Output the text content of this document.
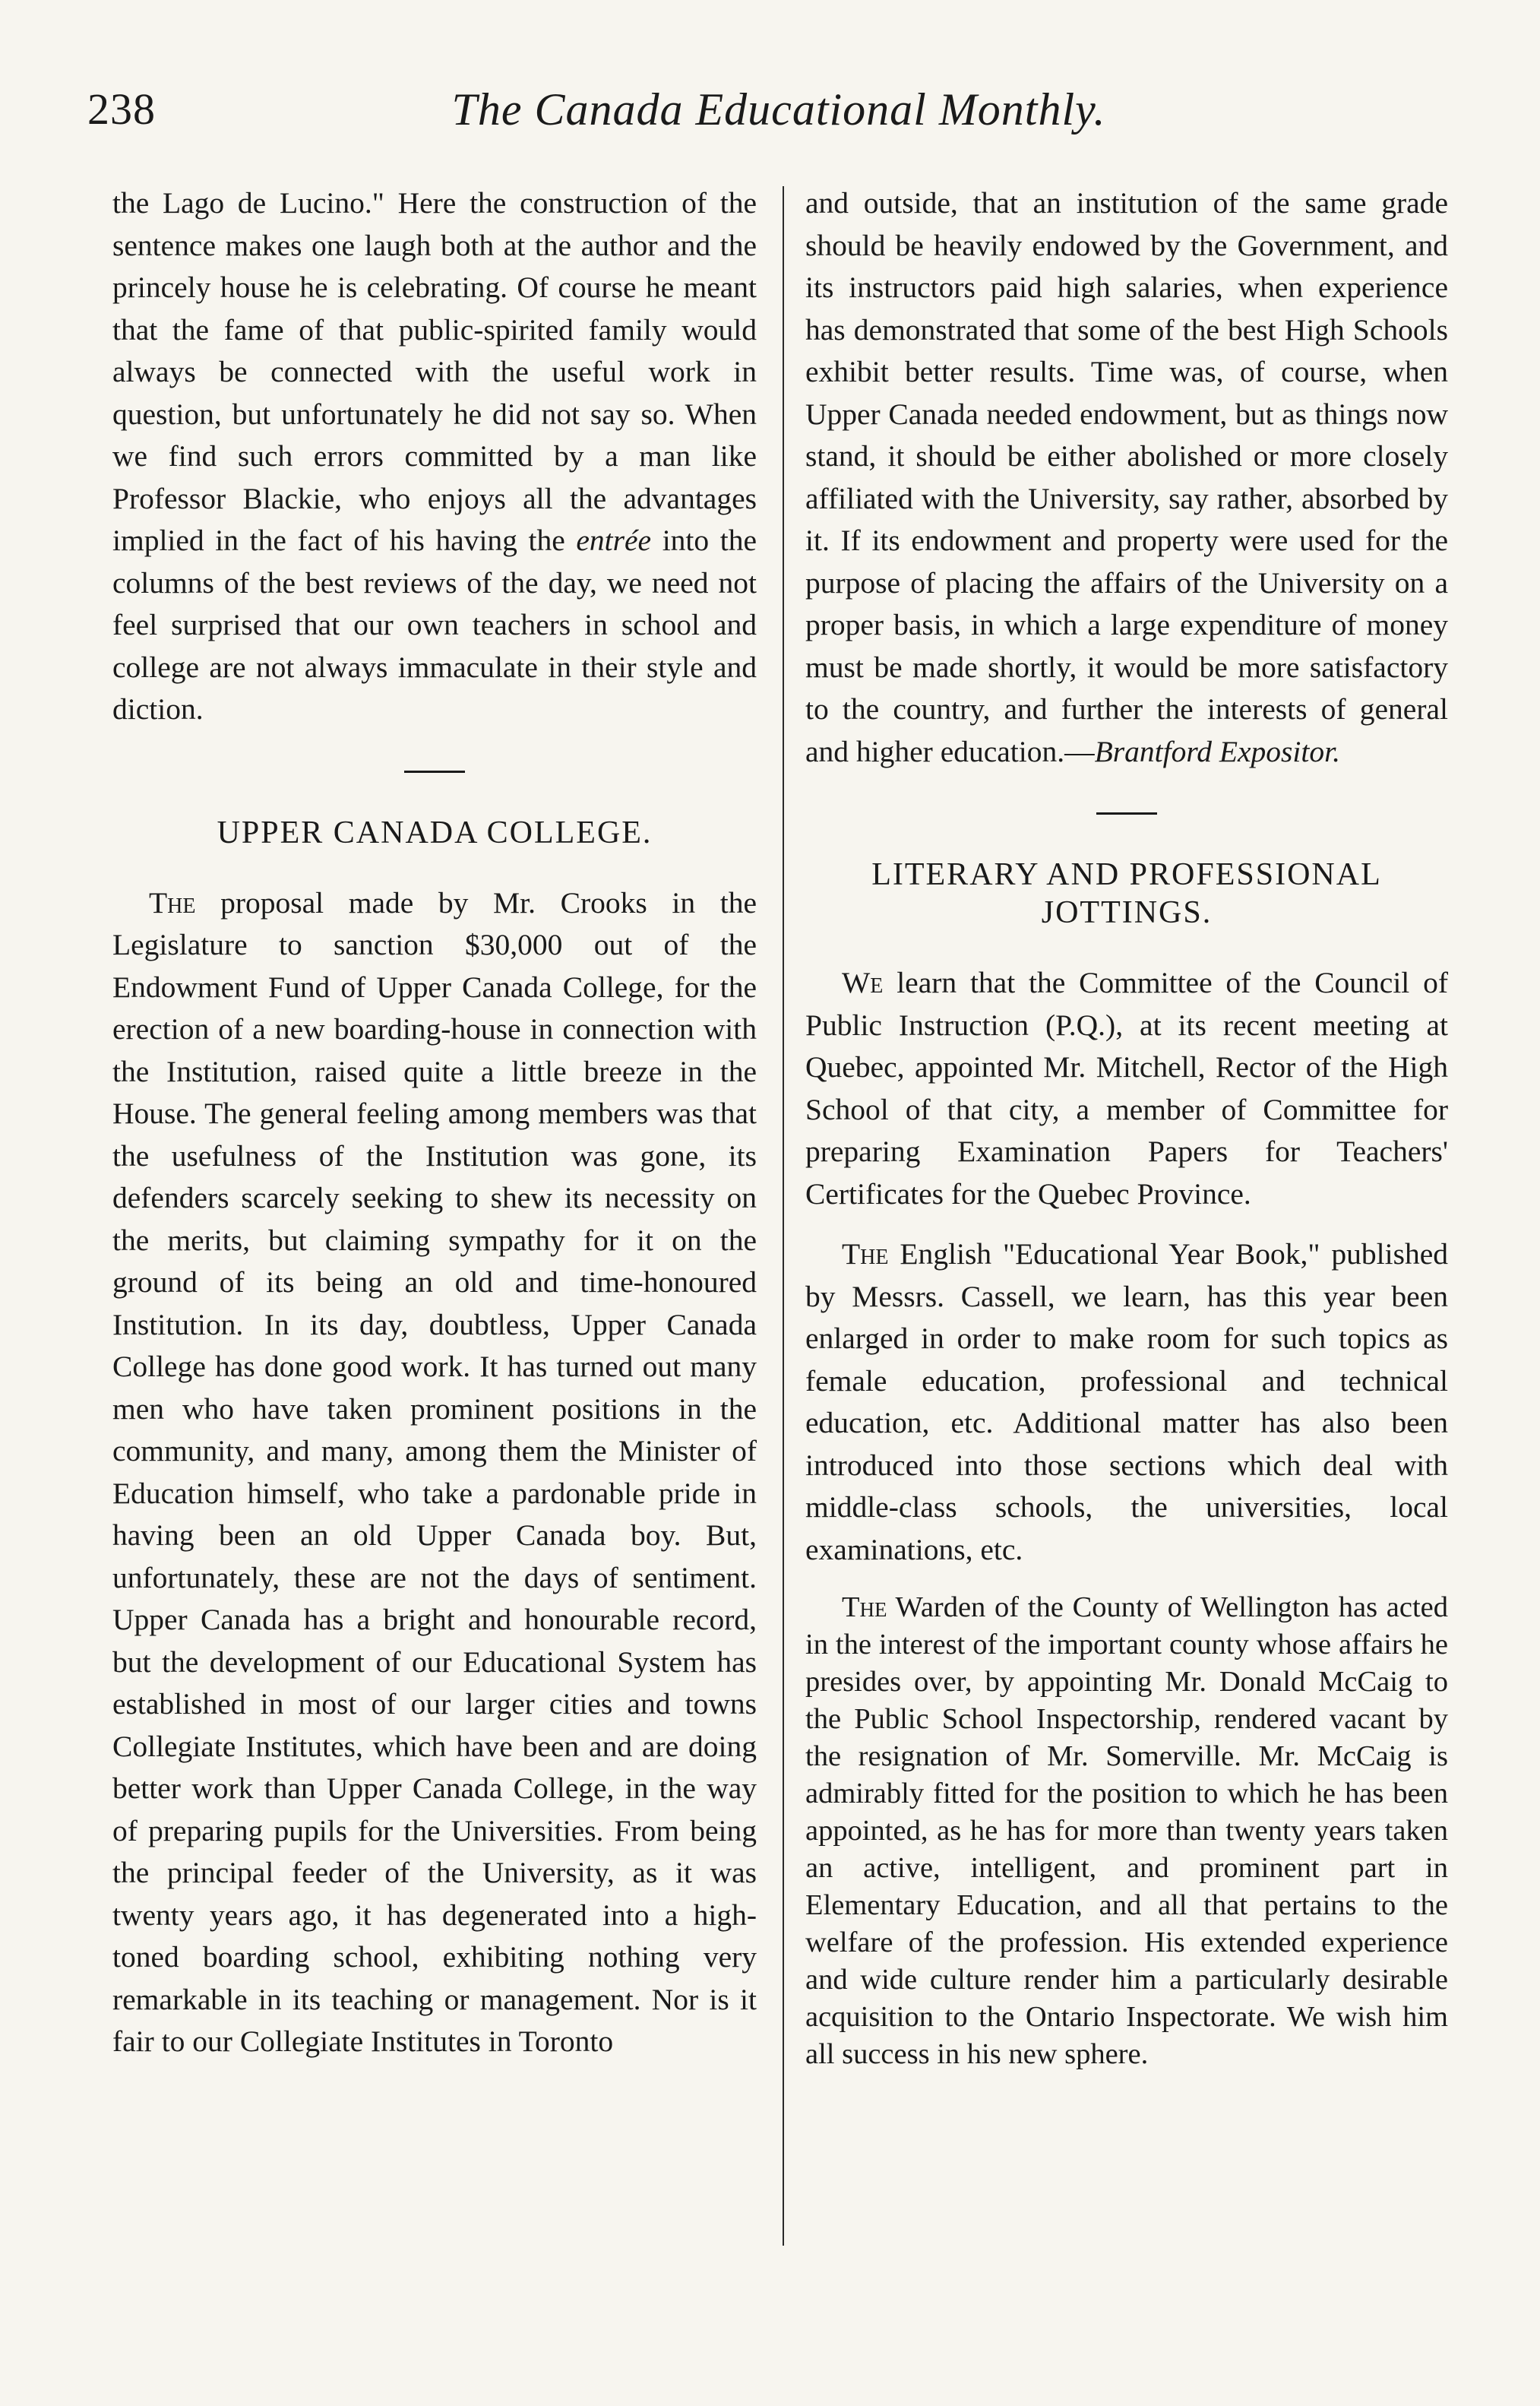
238	The Canada Educational Monthly.

the Lago de Lucino." Here the construction of the sentence makes one laugh both at the author and the princely house he is celebrating. Of course he meant that the fame of that public-spirited family would always be connected with the useful work in question, but unfortunately he did not say so. When we find such errors committed by a man like Professor Blackie, who enjoys all the advantages implied in the fact of his having the entrée into the columns of the best reviews of the day, we need not feel surprised that our own teachers in school and college are not always immaculate in their style and diction.

UPPER CANADA COLLEGE.

The proposal made by Mr. Crooks in the Legislature to sanction $30,000 out of the Endowment Fund of Upper Canada College, for the erection of a new boarding-house in connection with the Institution, raised quite a little breeze in the House. The general feeling among members was that the usefulness of the Institution was gone, its defenders scarcely seeking to shew its necessity on the merits, but claiming sympathy for it on the ground of its being an old and time-honoured Institution. In its day, doubtless, Upper Canada College has done good work. It has turned out many men who have taken prominent positions in the community, and many, among them the Minister of Education himself, who take a pardonable pride in having been an old Upper Canada boy. But, unfortunately, these are not the days of sentiment. Upper Canada has a bright and honourable record, but the development of our Educational System has established in most of our larger cities and towns Collegiate Institutes, which have been and are doing better work than Upper Canada College, in the way of preparing pupils for the Universities. From being the principal feeder of the University, as it was twenty years ago, it has degenerated into a high-toned boarding school, exhibiting nothing very remarkable in its teaching or management. Nor is it fair to our Collegiate Institutes in Toronto

and outside, that an institution of the same grade should be heavily endowed by the Government, and its instructors paid high salaries, when experience has demonstrated that some of the best High Schools exhibit better results. Time was, of course, when Upper Canada needed endowment, but as things now stand, it should be either abolished or more closely affiliated with the University, say rather, absorbed by it. If its endowment and property were used for the purpose of placing the affairs of the University on a proper basis, in which a large expenditure of money must be made shortly, it would be more satisfactory to the country, and further the interests of general and higher education.—Brantford Expositor.

LITERARY AND PROFESSIONAL JOTTINGS.

We learn that the Committee of the Council of Public Instruction (P.Q.), at its recent meeting at Quebec, appointed Mr. Mitchell, Rector of the High School of that city, a member of Committee for preparing Examination Papers for Teachers' Certificates for the Quebec Province.

The English "Educational Year Book," published by Messrs. Cassell, we learn, has this year been enlarged in order to make room for such topics as female education, professional and technical education, etc. Additional matter has also been introduced into those sections which deal with middle-class schools, the universities, local examinations, etc.

The Warden of the County of Wellington has acted in the interest of the important county whose affairs he presides over, by appointing Mr. Donald McCaig to the Public School Inspectorship, rendered vacant by the resignation of Mr. Somerville. Mr. McCaig is admirably fitted for the position to which he has been appointed, as he has for more than twenty years taken an active, intelligent, and prominent part in Elementary Education, and all that pertains to the welfare of the profession. His extended experience and wide culture render him a particularly desirable acquisition to the Ontario Inspectorate. We wish him all success in his new sphere.
